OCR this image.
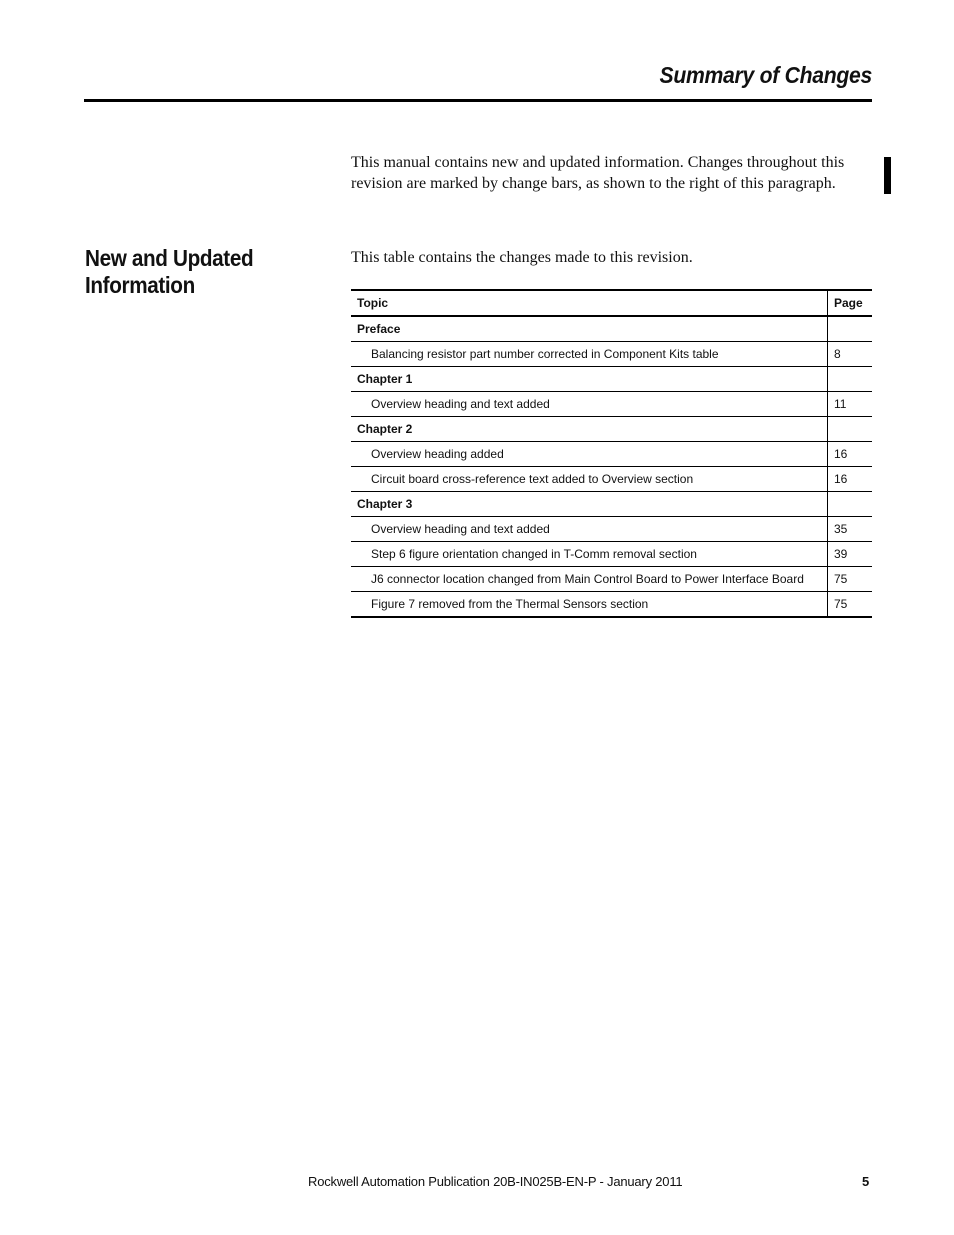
Summary of Changes

This manual contains new and updated information. Changes throughout this revision are marked by change bars, as shown to the right of this paragraph.

New and Updated Information
This table contains the changes made to this revision.
Topic	Page
Preface	
Balancing resistor part number corrected in Component Kits table	8
Chapter 1	
Overview heading and text added	11
Chapter 2	
Overview heading added	16
Circuit board cross-reference text added to Overview section	16
Chapter 3	
Overview heading and text added	35
Step 6 figure orientation changed in T-Comm removal section	39
J6 connector location changed from Main Control Board to Power Interface Board	75
Figure 7 removed from the Thermal Sensors section	75
Rockwell Automation Publication 20B-IN025B-EN-P - January 2011	5
